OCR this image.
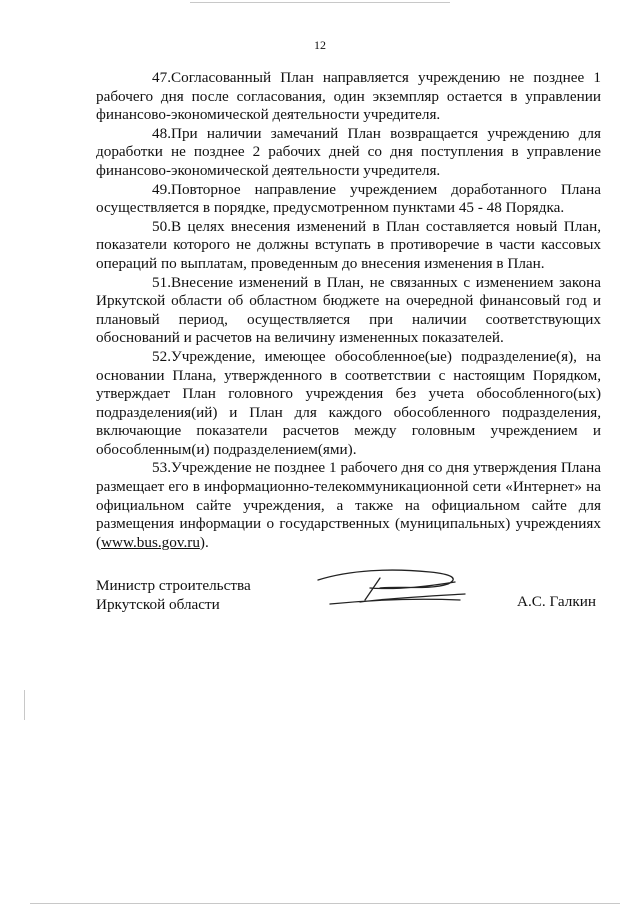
12

47.Согласованный План направляется учреждению не позднее 1 рабочего дня после согласования, один экземпляр остается в управлении финансово-экономической деятельности учредителя.

48.При наличии замечаний План возвращается учреждению для доработки не позднее 2 рабочих дней со дня поступления в управление финансово-экономической деятельности учредителя.

49.Повторное направление учреждением доработанного Плана осуществляется в порядке, предусмотренном пунктами 45 - 48 Порядка.

50.В целях внесения изменений в План составляется новый План, показатели которого не должны вступать в противоречие в части кассовых операций по выплатам, проведенным до внесения изменения в План.

51.Внесение изменений в План, не связанных с изменением закона Иркутской области об областном бюджете на очередной финансовый год и плановый период, осуществляется при наличии соответствующих обоснований и расчетов на величину измененных показателей.

52.Учреждение, имеющее обособленное(ые) подразделение(я), на основании Плана, утвержденного в соответствии с настоящим Порядком, утверждает План головного учреждения без учета обособленного(ых) подразделения(ий) и План для каждого обособленного подразделения, включающие показатели расчетов между головным учреждением и обособленным(и) подразделением(ями).

53.Учреждение не позднее 1 рабочего дня со дня утверждения Плана размещает его в информационно-телекоммуникационной сети «Интернет» на официальном сайте учреждения, а также на официальном сайте для размещения информации о государственных (муниципальных) учреждениях (www.bus.gov.ru).

Министр строительства
Иркутской области	А.С. Галкин
